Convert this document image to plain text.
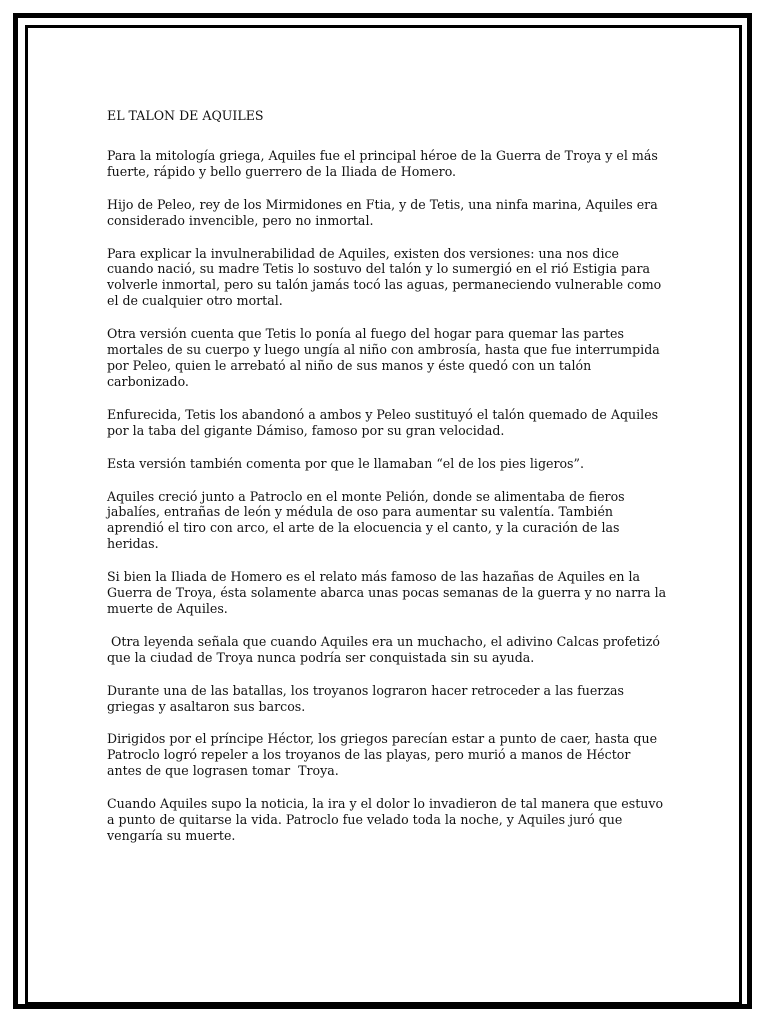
EL TALON DE AQUILES

Para la mitología griega, Aquiles fue el principal héroe de la Guerra de Troya y el más fuerte, rápido y bello guerrero de la Iliada de Homero.

Hijo de Peleo, rey de los Mirmidones en Ftia, y de Tetis, una ninfa marina, Aquiles era considerado invencible, pero no inmortal.

Para explicar la invulnerabilidad de Aquiles, existen dos versiones: una nos dice cuando nació, su madre Tetis lo sostuvo del talón y lo sumergió en el rió Estigia para volverle inmortal, pero su talón jamás tocó las aguas, permaneciendo vulnerable como el de cualquier otro mortal.

Otra versión cuenta que Tetis lo ponía al fuego del hogar para quemar las partes mortales de su cuerpo y luego ungía al niño con ambrosía, hasta que fue interrumpida por Peleo, quien le arrebató al niño de sus manos y éste quedó con un talón carbonizado.

Enfurecida, Tetis los abandonó a ambos y Peleo sustituyó el talón quemado de Aquiles por la taba del gigante Dámiso, famoso por su gran velocidad.

Esta versión también comenta por que le llamaban “el de los pies ligeros”.

Aquiles creció junto a Patroclo en el monte Pelión, donde se alimentaba de fieros jabalíes, entrañas de león y médula de oso para aumentar su valentía. También aprendió el tiro con arco, el arte de la elocuencia y el canto, y la curación de las heridas.

Si bien la Iliada de Homero es el relato más famoso de las hazañas de Aquiles en la Guerra de Troya, ésta solamente abarca unas pocas semanas de la guerra y no narra la muerte de Aquiles.

Otra leyenda señala que cuando Aquiles era un muchacho, el adivino Calcas profetizó que la ciudad de Troya nunca podría ser conquistada sin su ayuda.

Durante una de las batallas, los troyanos lograron hacer retroceder a las fuerzas griegas y asaltaron sus barcos.

Dirigidos por el príncipe Héctor, los griegos parecían estar a punto de caer, hasta que Patroclo logró repeler a los troyanos de las playas, pero murió a manos de Héctor antes de que lograsen tomar  Troya.

Cuando Aquiles supo la noticia, la ira y el dolor lo invadieron de tal manera que estuvo a punto de quitarse la vida. Patroclo fue velado toda la noche, y Aquiles juró que vengaría su muerte.
